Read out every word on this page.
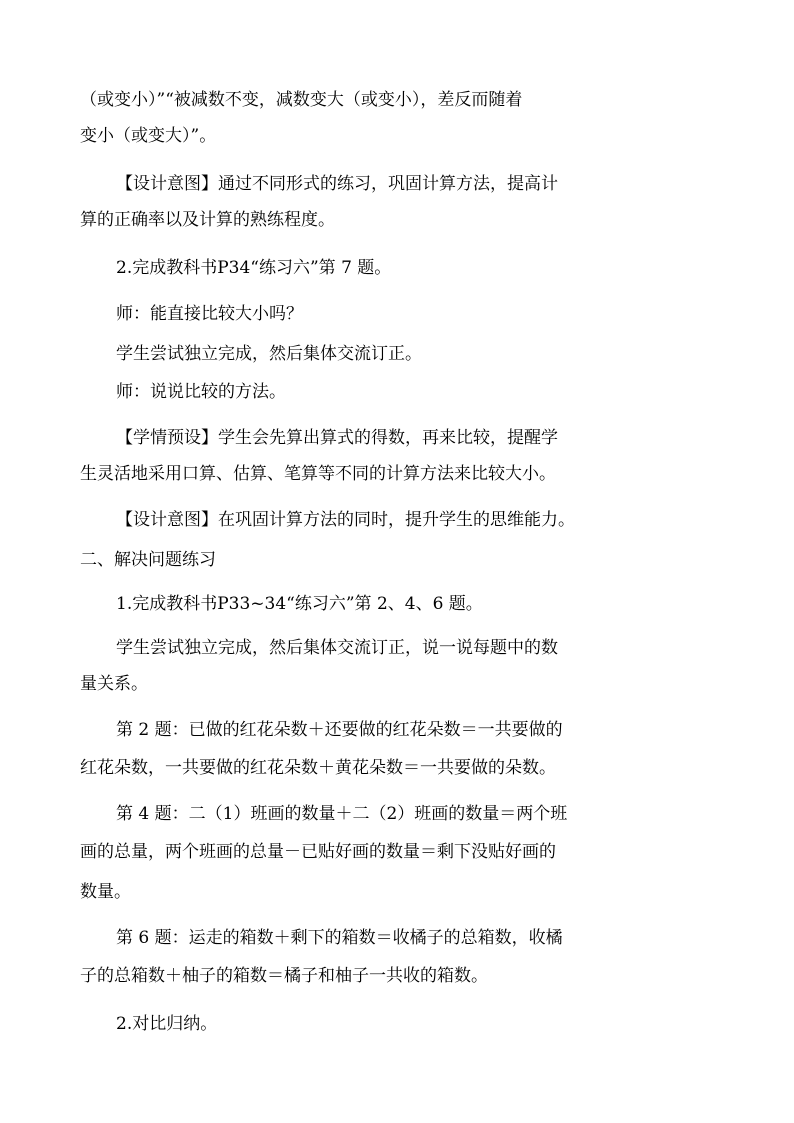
（或变小）”“被减数不变，减数变大（或变小），差反而随着
变小（或变大）”。
【设计意图】通过不同形式的练习，巩固计算方法，提高计
算的正确率以及计算的熟练程度。
2.完成教科书P34“练习六”第 7 题。
师：能直接比较大小吗？
学生尝试独立完成，然后集体交流订正。
师：说说比较的方法。
【学情预设】学生会先算出算式的得数，再来比较，提醒学
生灵活地采用口算、估算、笔算等不同的计算方法来比较大小。
【设计意图】在巩固计算方法的同时，提升学生的思维能力。
二、解决问题练习
1.完成教科书P33~34“练习六”第 2、4、6 题。
学生尝试独立完成，然后集体交流订正，说一说每题中的数
量关系。
第 2 题：已做的红花朵数＋还要做的红花朵数＝一共要做的
红花朵数，一共要做的红花朵数＋黄花朵数＝一共要做的朵数。
第 4 题：二（1）班画的数量＋二（2）班画的数量＝两个班
画的总量，两个班画的总量－已贴好画的数量＝剩下没贴好画的
数量。
第 6 题：运走的箱数＋剩下的箱数＝收橘子的总箱数，收橘
子的总箱数＋柚子的箱数＝橘子和柚子一共收的箱数。
2.对比归纳。
